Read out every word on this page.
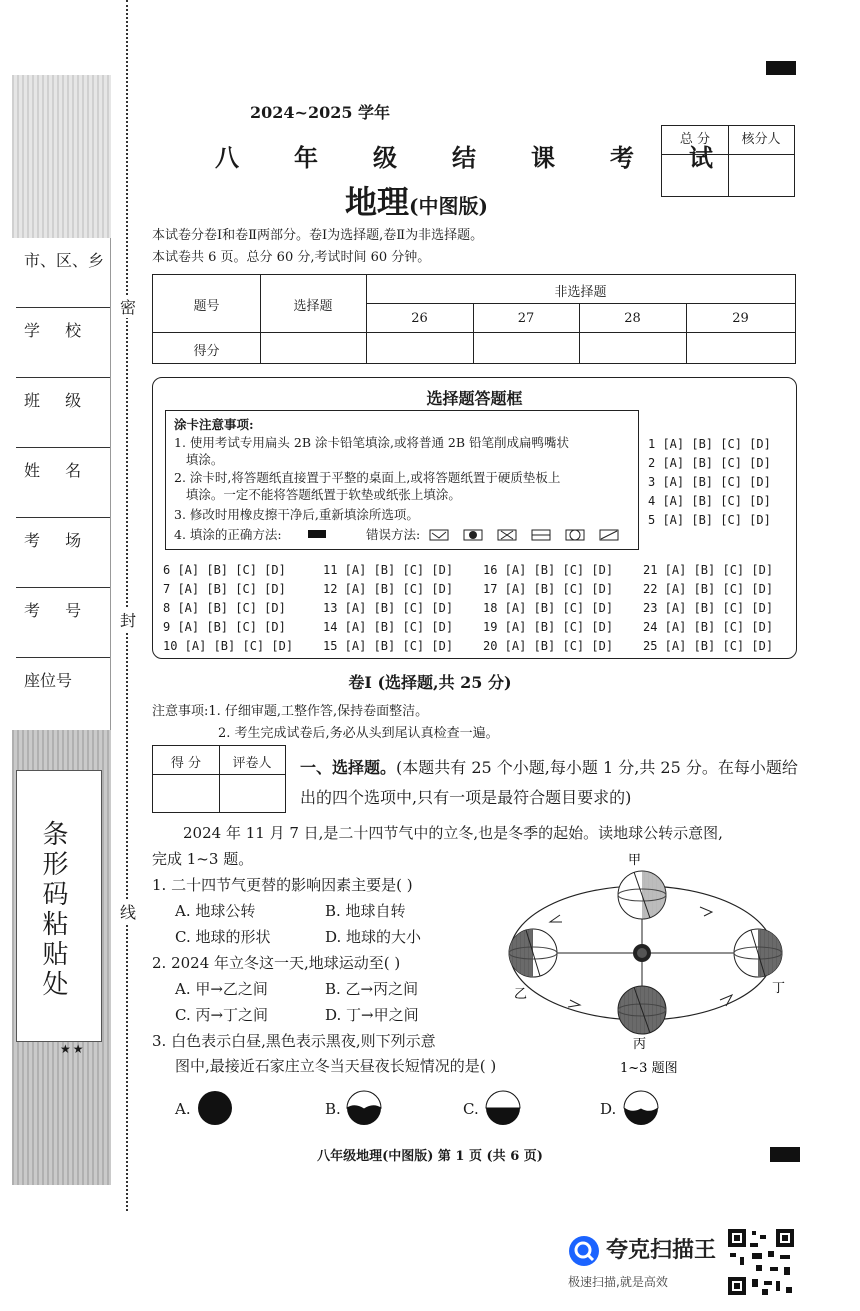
市、区、乡
学 校
班 级
姓 名
考 场
考 号
座位号
条形码粘贴处
★★
密
封
线
2024~2025 学年
八年级结课考试
地理(中图版)
总 分	核分人
本试卷分卷Ⅰ和卷Ⅱ两部分。卷Ⅰ为选择题,卷Ⅱ为非选择题。
本试卷共 6 页。总分 60 分,考试时间 60 分钟。
题号	选择题
非选择题
26	27	28	29
得分
选择题答题框
涂卡注意事项:
1. 使用考试专用扁头 2B 涂卡铅笔填涂,或将普通 2B 铅笔削成扁鸭嘴状
填涂。
2. 涂卡时,将答题纸直接置于平整的桌面上,或将答题纸置于硬质垫板上
填涂。一定不能将答题纸置于软垫或纸张上填涂。
3. 修改时用橡皮擦干净后,重新填涂所选项。
4. 填涂的正确方法:	错误方法:
1 [A] [B] [C] [D]
2 [A] [B] [C] [D]
3 [A] [B] [C] [D]
4 [A] [B] [C] [D]
5 [A] [B] [C] [D]
6 [A] [B] [C] [D]
7 [A] [B] [C] [D]
8 [A] [B] [C] [D]
9 [A] [B] [C] [D]
10 [A] [B] [C] [D]
11 [A] [B] [C] [D]
12 [A] [B] [C] [D]
13 [A] [B] [C] [D]
14 [A] [B] [C] [D]
15 [A] [B] [C] [D]
16 [A] [B] [C] [D]
17 [A] [B] [C] [D]
18 [A] [B] [C] [D]
19 [A] [B] [C] [D]
20 [A] [B] [C] [D]
21 [A] [B] [C] [D]
22 [A] [B] [C] [D]
23 [A] [B] [C] [D]
24 [A] [B] [C] [D]
25 [A] [B] [C] [D]
卷Ⅰ (选择题,共 25 分)
注意事项:1. 仔细审题,工整作答,保持卷面整洁。
2. 考生完成试卷后,务必从头到尾认真检查一遍。
得 分	评卷人	一、选择题。(本题共有 25 个小题,每小题 1 分,共 25 分。在每小题给出的四个选项中,只有一项是最符合题目要求的)
2024 年 11 月 7 日,是二十四节气中的立冬,也是冬季的起始。读地球公转示意图,
完成 1~3 题。
1. 二十四节气更替的影响因素主要是( )
A. 地球公转	B. 地球自转
C. 地球的形状	D. 地球的大小
2. 2024 年立冬这一天,地球运动至( )
A. 甲→乙之间	B. 乙→丙之间
C. 丙→丁之间	D. 丁→甲之间
3. 白色表示白昼,黑色表示黑夜,则下列示意
图中,最接近石家庄立冬当天昼夜长短情况的是( )
A.	B.	C.	D.
甲
乙
丙
丁
1~3 题图
八年级地理(中图版) 第 1 页 (共 6 页)
夸克扫描王
极速扫描,就是高效
